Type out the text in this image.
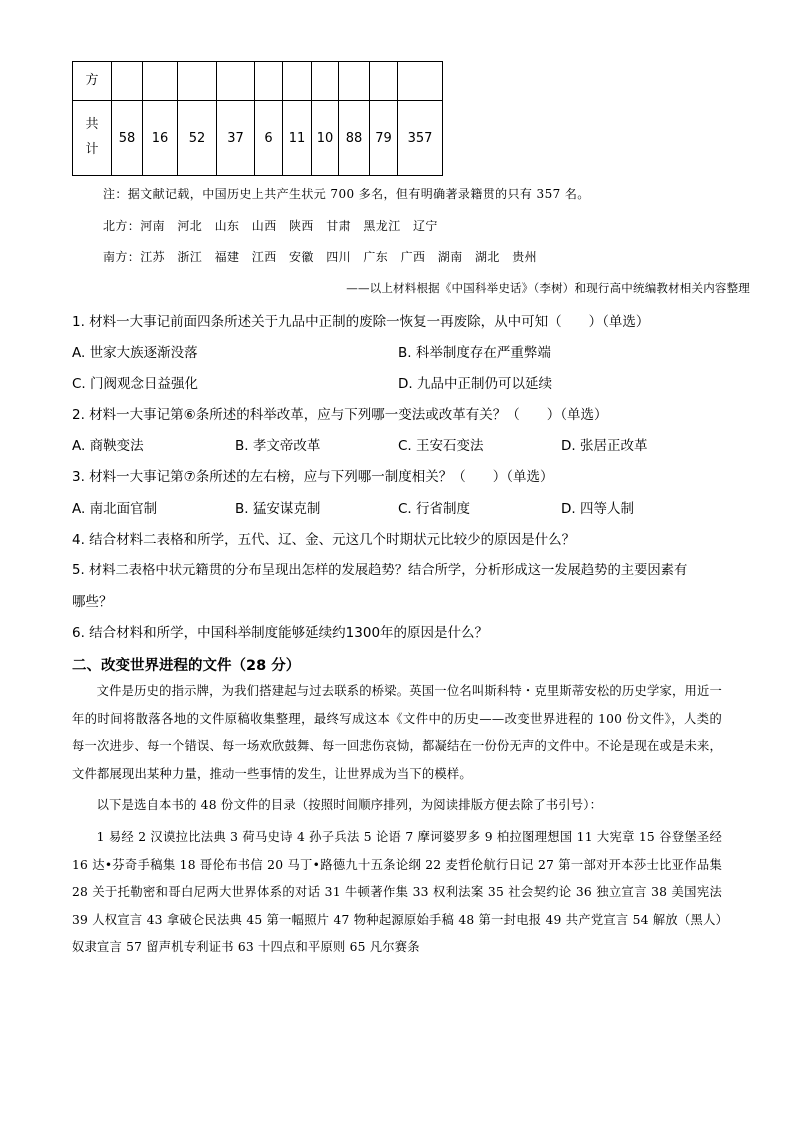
方										
共计	58	16	52	37	6	11	10	88	79	357
注：据文献记载，中国历史上共产生状元 700 多名，但有明确著录籍贯的只有 357 名。
北方：河南　河北　山东　山西　陕西　甘肃　黑龙江　辽宁
南方：江苏　浙江　福建　江西　安徽　四川　广东　广西　湖南　湖北　贵州
——以上材料根据《中国科举史话》（李树）和现行高中统编教材相关内容整理
1. 材料一大事记前面四条所述关于九品中正制的废除一恢复一再废除，从中可知（　　）（单选）
A. 世家大族逐渐没落	B. 科举制度存在严重弊端
C. 门阀观念日益强化	D. 九品中正制仍可以延续
2. 材料一大事记第⑥条所述的科举改革，应与下列哪一变法或改革有关？（　　）（单选）
A. 商鞅变法	B. 孝文帝改革	C. 王安石变法	D. 张居正改革
3. 材料一大事记第⑦条所述的左右榜，应与下列哪一制度相关？（　　）（单选）
A. 南北面官制	B. 猛安谋克制	C. 行省制度	D. 四等人制
4. 结合材料二表格和所学，五代、辽、金、元这几个时期状元比较少的原因是什么？
5. 材料二表格中状元籍贯的分布呈现出怎样的发展趋势？结合所学，分析形成这一发展趋势的主要因素有
哪些？
6. 结合材料和所学，中国科举制度能够延续约1300年的原因是什么？
二、改变世界进程的文件（28 分）

文件是历史的指示牌，为我们搭建起与过去联系的桥梁。英国一位名叫斯科特・克里斯蒂安松的历史学家，用近一年的时间将散落各地的文件原稿收集整理，最终写成这本《文件中的历史——改变世界进程的 100 份文件》，人类的每一次进步、每一个错误、每一场欢欣鼓舞、每一回悲伤哀恸，都凝结在一份份无声的文件中。不论是现在或是未来，文件都展现出某种力量，推动一些事情的发生，让世界成为当下的模样。

以下是选自本书的 48 份文件的目录（按照时间顺序排列，为阅读排版方便去除了书引号）：

1 易经 2 汉谟拉比法典 3 荷马史诗 4 孙子兵法 5 论语 7 摩诃婆罗多 9 柏拉图理想国 11 大宪章 15 谷登堡圣经 16 达•芬奇手稿集 18 哥伦布书信 20 马丁•路德九十五条论纲 22 麦哲伦航行日记 27 第一部对开本莎士比亚作品集 28 关于托勒密和哥白尼两大世界体系的对话 31 牛顿著作集 33 权利法案 35 社会契约论 36 独立宣言 38 美国宪法 39 人权宣言 43 拿破仑民法典 45 第一幅照片 47 物种起源原始手稿 48 第一封电报 49 共产党宣言 54 解放（黑人）奴隶宣言 57 留声机专利证书 63 十四点和平原则 65 凡尔赛条
